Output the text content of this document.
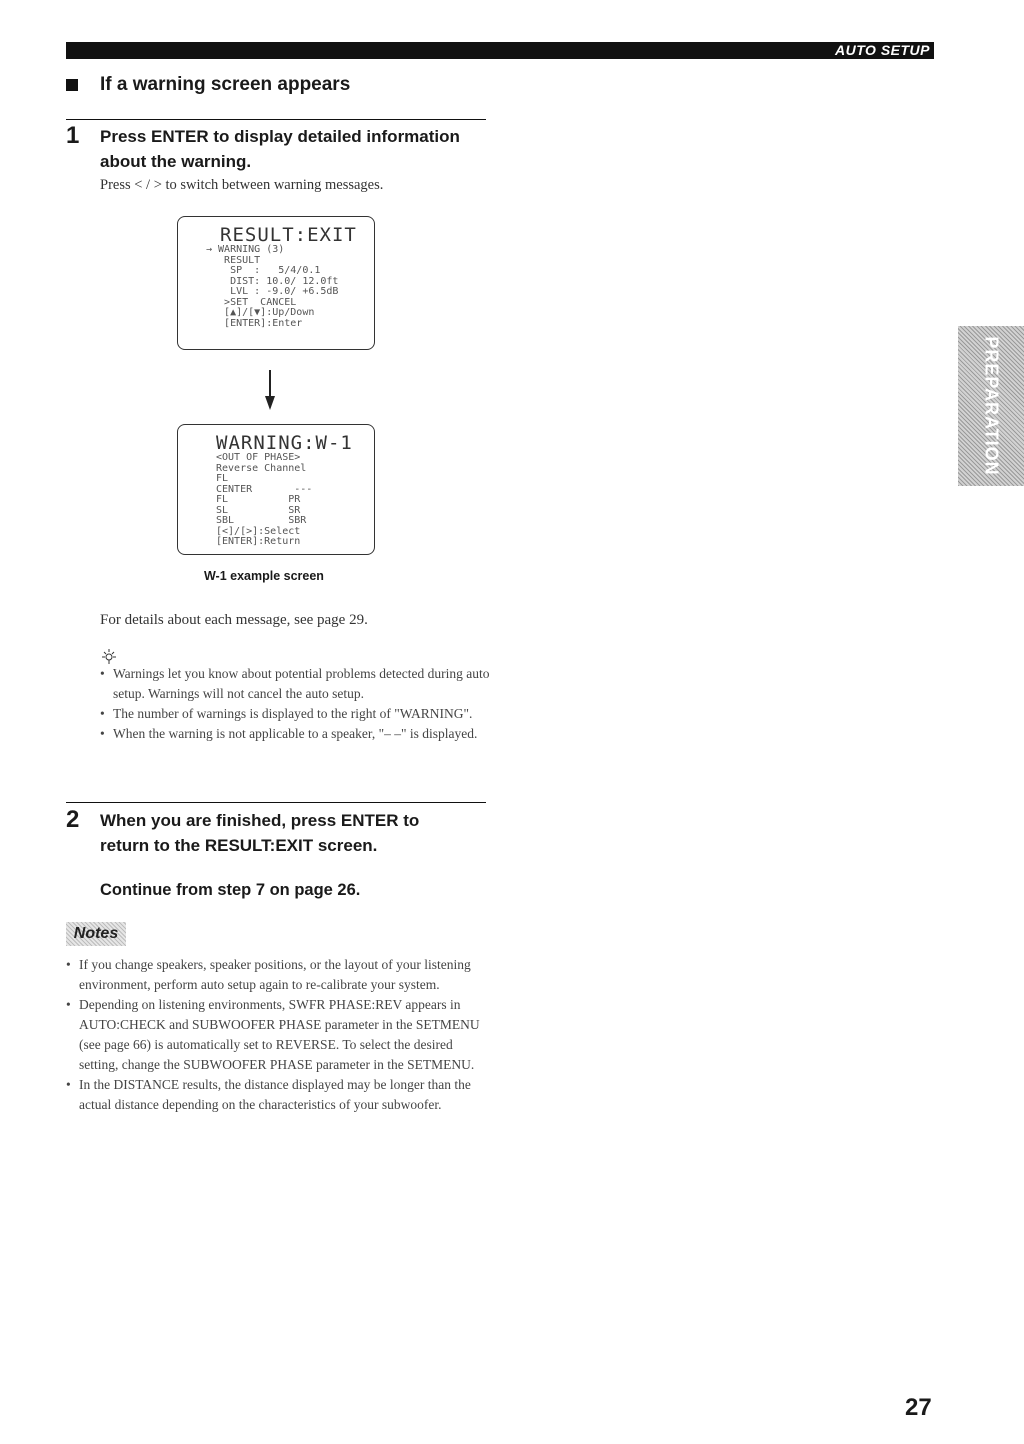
AUTO SETUP
If a warning screen appears
1 Press ENTER to display detailed information about the warning.
Press < / > to switch between warning messages.
RESULT:EXIT
→ WARNING (3)
RESULT
SP  :   5/4/0.1
DIST: 10.0/ 12.0ft
LVL : -9.0/ +6.5dB
>SET  CANCEL
[▲]/[▼]:Up/Down
[ENTER]:Enter
WARNING:W-1
<OUT OF PHASE>
Reverse Channel
FL
CENTER       ---
FL          PR
SL          SR
SBL         SBR
[<]/[>]:Select
[ENTER]:Return
W-1 example screen
For details about each message, see page 29.
• Warnings let you know about potential problems detected during auto setup. Warnings will not cancel the auto setup.
• The number of warnings is displayed to the right of "WARNING".
• When the warning is not applicable to a speaker, "– –" is displayed.
2 When you are finished, press ENTER to return to the RESULT:EXIT screen.
Continue from step 7 on page 26.
Notes
• If you change speakers, speaker positions, or the layout of your listening environment, perform auto setup again to re-calibrate your system.
• Depending on listening environments, SWFR PHASE:REV appears in AUTO:CHECK and SUBWOOFER PHASE parameter in the SETMENU (see page 66) is automatically set to REVERSE. To select the desired setting, change the SUBWOOFER PHASE parameter in the SETMENU.
• In the DISTANCE results, the distance displayed may be longer than the actual distance depending on the characteristics of your subwoofer.
PREPARATION
27
